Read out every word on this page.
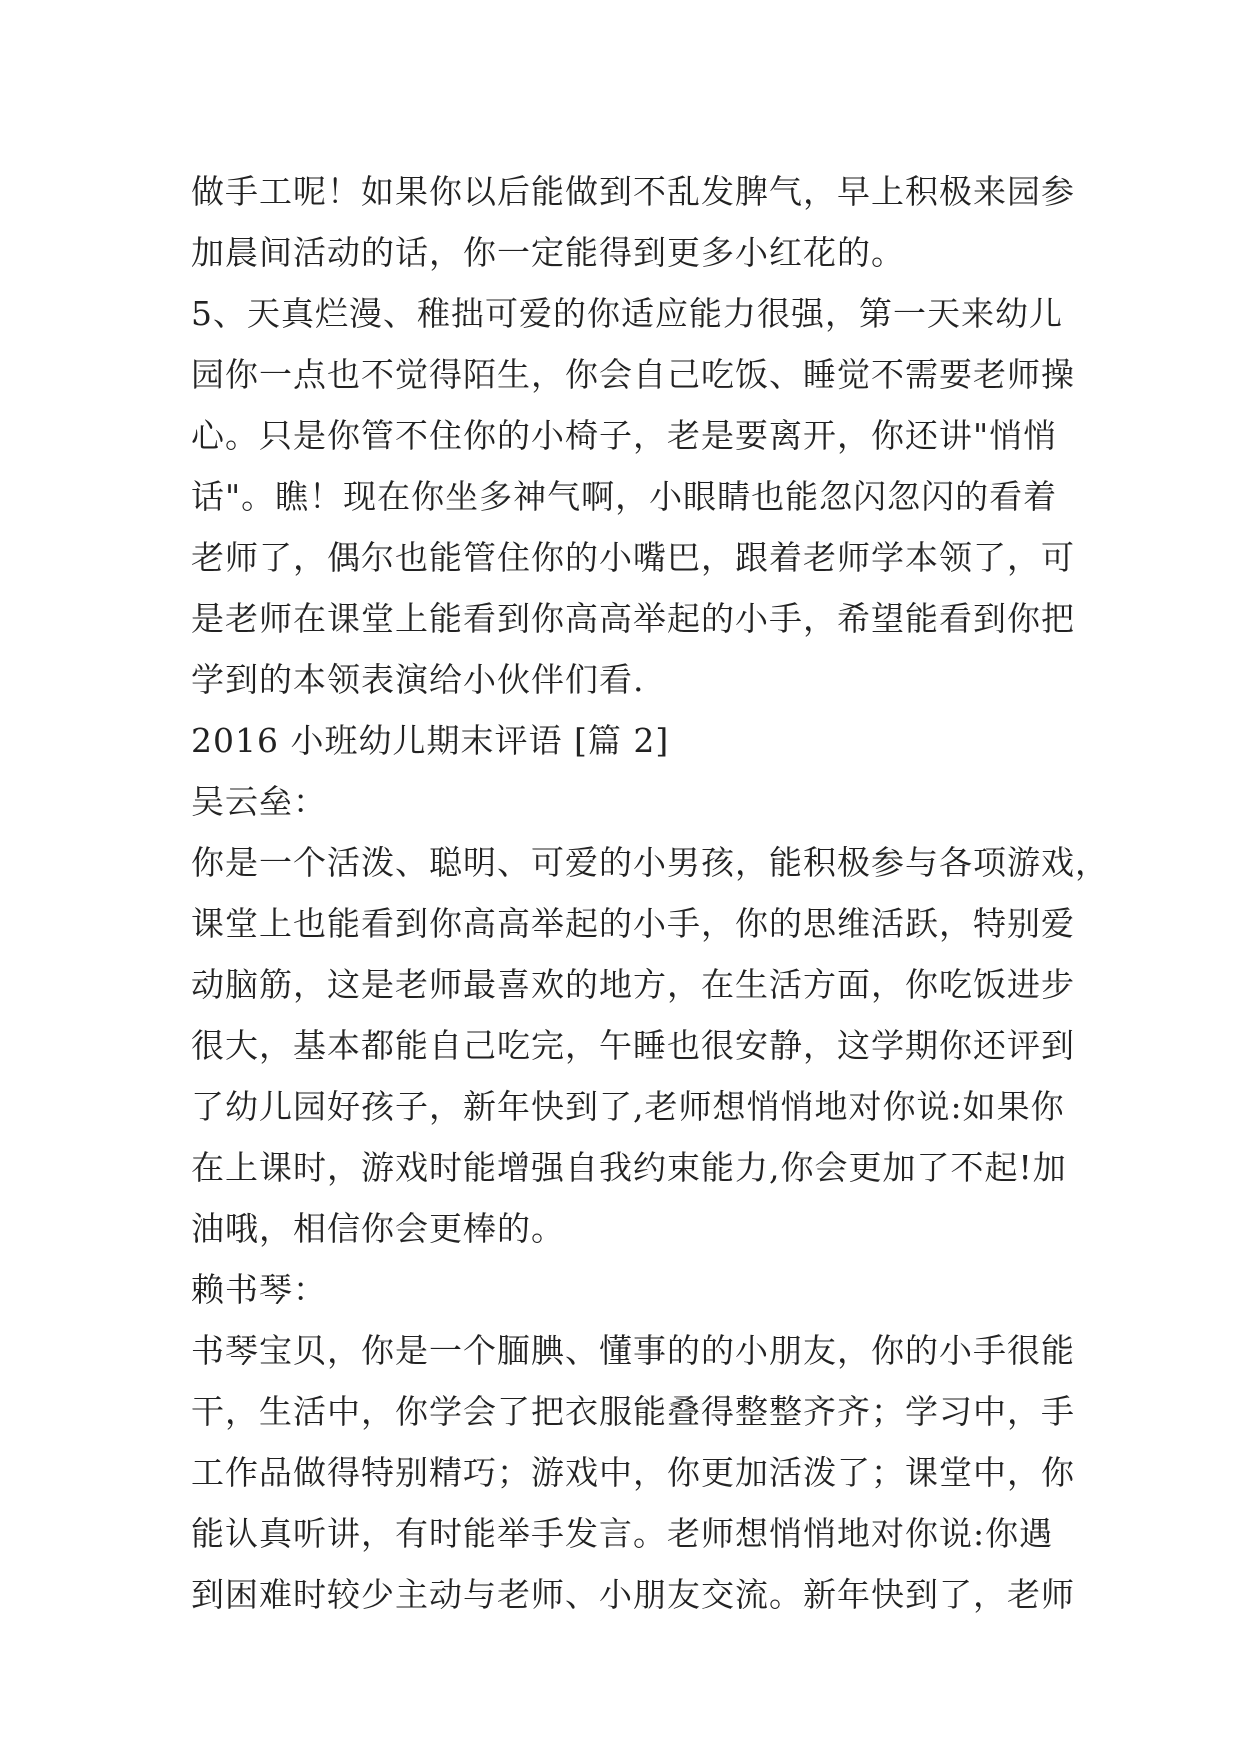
做手工呢！如果你以后能做到不乱发脾气，早上积极来园参
加晨间活动的话，你一定能得到更多小红花的。
5、天真烂漫、稚拙可爱的你适应能力很强，第一天来幼儿
园你一点也不觉得陌生，你会自己吃饭、睡觉不需要老师操
心。只是你管不住你的小椅子，老是要离开，你还讲"悄悄
话"。瞧！现在你坐多神气啊，小眼睛也能忽闪忽闪的看着
老师了，偶尔也能管住你的小嘴巴，跟着老师学本领了，可
是老师在课堂上能看到你高高举起的小手，希望能看到你把
学到的本领表演给小伙伴们看.
2016 小班幼儿期末评语 [篇 2]
吴云垒：
你是一个活泼、聪明、可爱的小男孩，能积极参与各项游戏，
课堂上也能看到你高高举起的小手，你的思维活跃，特别爱
动脑筋，这是老师最喜欢的地方，在生活方面，你吃饭进步
很大，基本都能自己吃完，午睡也很安静，这学期你还评到
了幼儿园好孩子，新年快到了,老师想悄悄地对你说:如果你
在上课时，游戏时能增强自我约束能力,你会更加了不起!加
油哦，相信你会更棒的。
赖书琴：
书琴宝贝，你是一个腼腆、懂事的的小朋友，你的小手很能
干，生活中，你学会了把衣服能叠得整整齐齐；学习中，手
工作品做得特别精巧；游戏中，你更加活泼了；课堂中，你
能认真听讲，有时能举手发言。老师想悄悄地对你说:你遇
到困难时较少主动与老师、小朋友交流。新年快到了，老师
